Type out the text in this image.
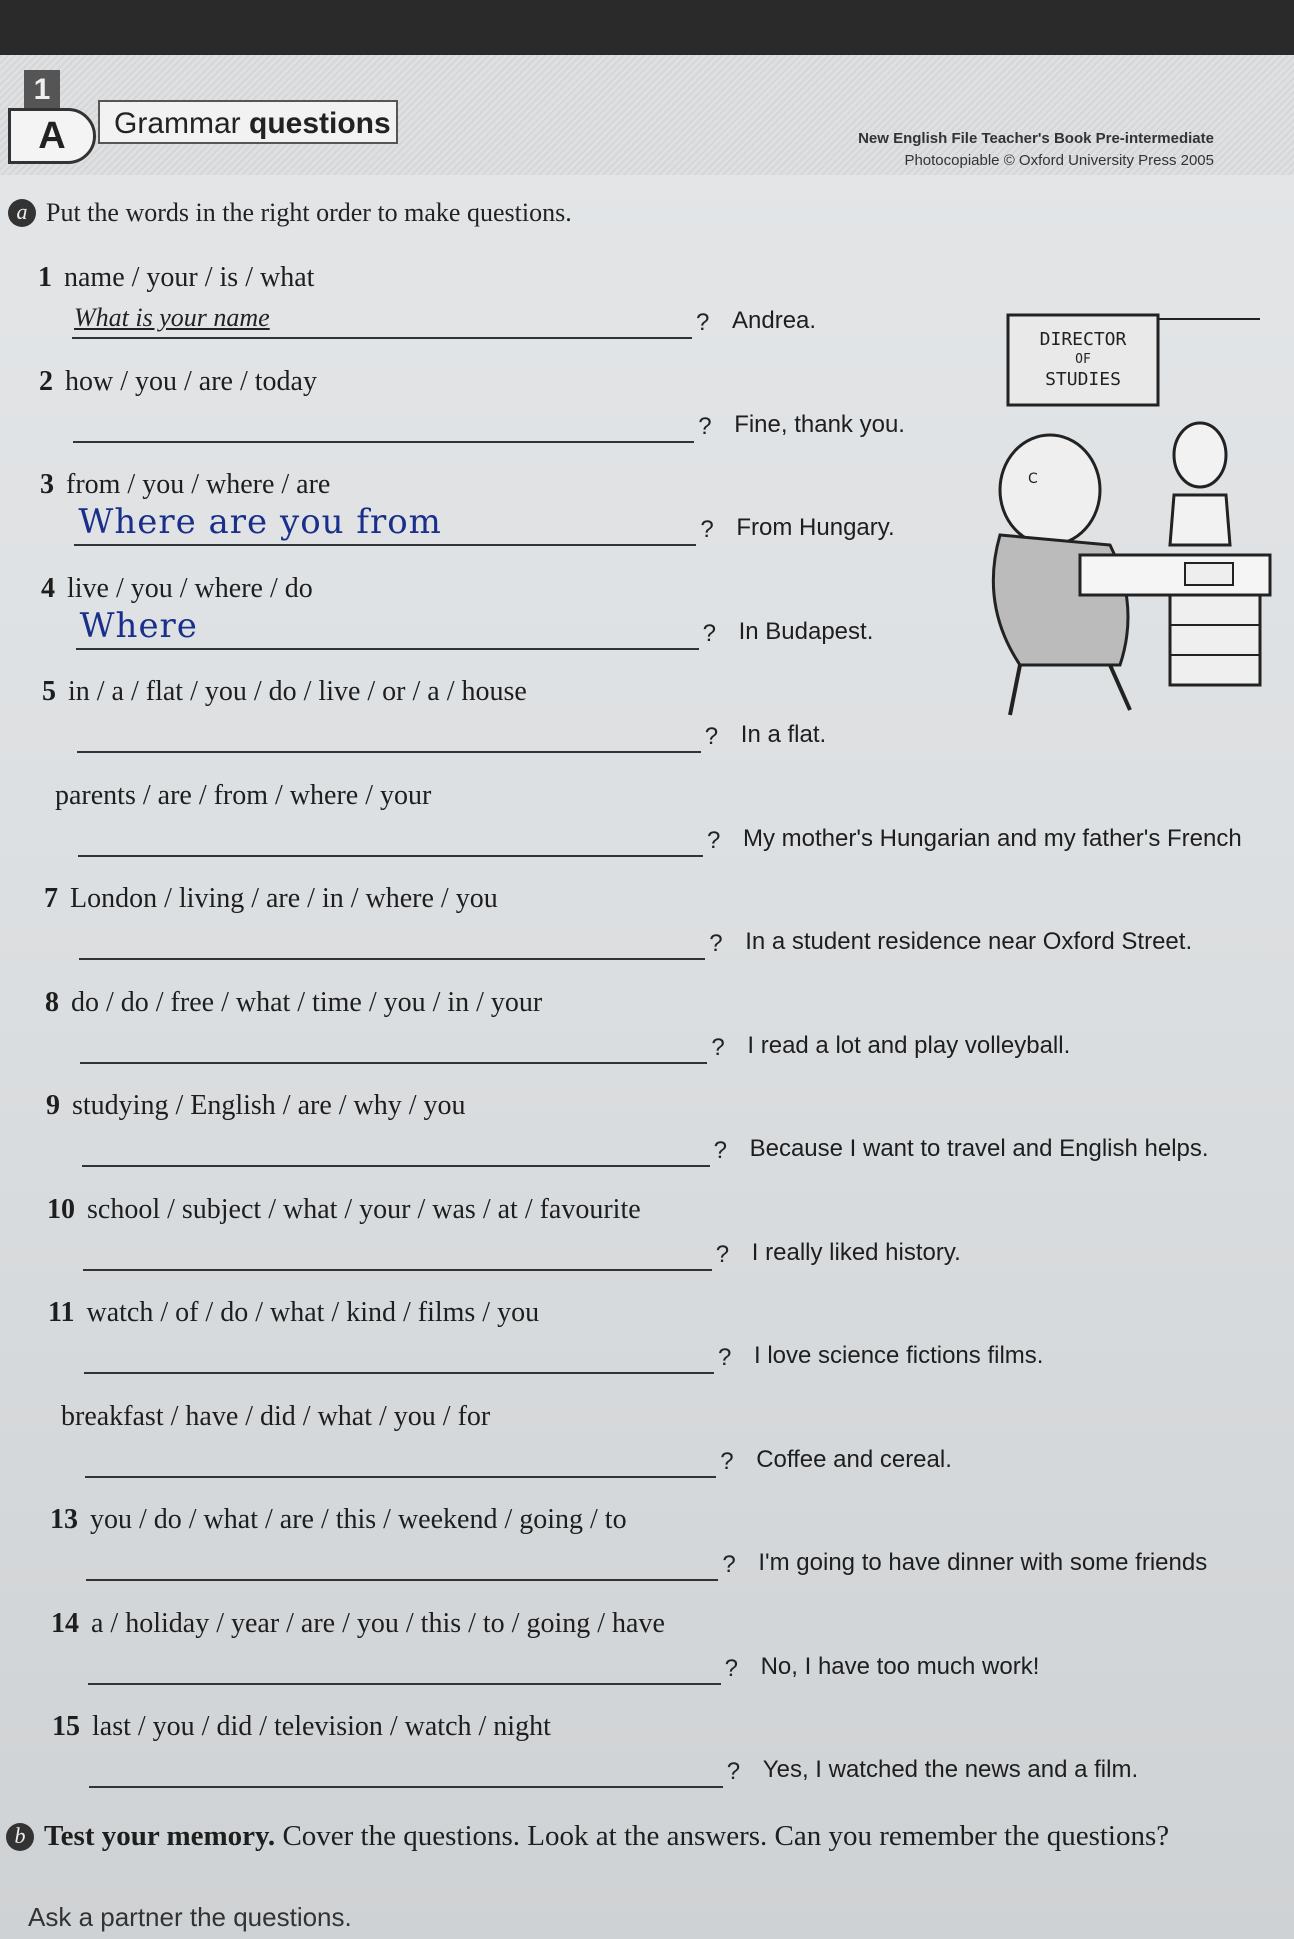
1
A	Grammar questions	New English File Teacher's Book Pre-intermediate
Photocopiable © Oxford University Press 2005
a Put the words in the right order to make questions.
1 name / your / is / what
What is your name	? Andrea.
2 how / you / are / today
? Fine, thank you.
3 from / you / where / are
Where are you from	? From Hungary.
4 live / you / where / do
Where	? In Budapest.
5 in / a / flat / you / do / live / or / a / house
? In a flat.
parents / are / from / where / your
? My mother's Hungarian and my father's French
7 London / living / are / in / where / you
? In a student residence near Oxford Street.
8 do / do / free / what / time / you / in / your
? I read a lot and play volleyball.
9 studying / English / are / why / you
? Because I want to travel and English helps.
10 school / subject / what / your / was / at / favourite
? I really liked history.
11 watch / of / do / what / kind / films / you
? I love science fictions films.
breakfast / have / did / what / you / for
? Coffee and cereal.
13 you / do / what / are / this / weekend / going / to
? I'm going to have dinner with some friends
14 a / holiday / year / are / you / this / to / going / have
? No, I have too much work!
15 last / you / did / television / watch / night
? Yes, I watched the news and a film.
DIRECTOR
OF
STUDIES
C
b Test your memory. Cover the questions. Look at the answers. Can you remember the questions?
Ask a partner the questions.
